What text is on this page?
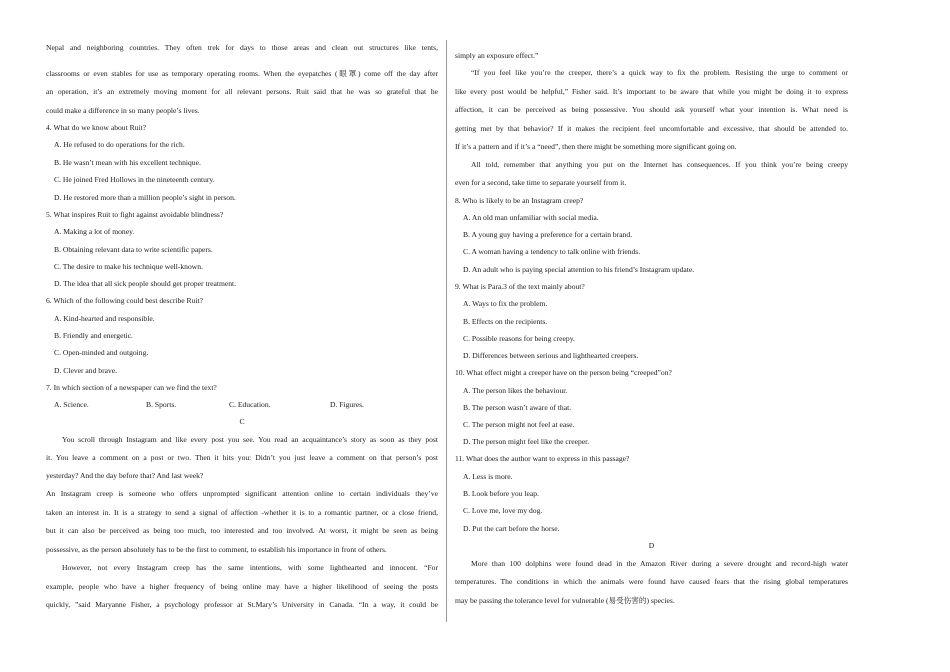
Nepal and neighboring countries. They often trek for days to those areas and clean out structures like tents,
classrooms or even stables for use as temporary operating rooms. When the eyepatches (眼罩) come off the day after
an operation, it’s an extremely moving moment for all relevant persons. Ruit said that he was so grateful that he
could make a difference in so many people’s lives.
4. What do we know about Ruit?
A. He refused to do operations for the rich.
B. He wasn’t mean with his excellent technique.
C. He joined Fred Hollows in the nineteenth century.
D. He restored more than a million people’s sight in person.
5. What inspires Ruit to fight against avoidable blindness?
A. Making a lot of money.
B. Obtaining relevant data to write scientific papers.
C. The desire to make his technique well-known.
D. The idea that all sick people should get proper treatment.
6. Which of the following could best describe Ruit?
A. Kind-hearted and responsible.
B. Friendly and energetic.
C. Open-minded and outgoing.
D. Clever and brave.
7. In which section of a newspaper can we find the text?
A. Science.	B. Sports.	C. Education.	D. Figures.
C
You scroll through Instagram and like every post you see. You read an acquaintance’s story as soon as they post
it. You leave a comment on a post or two. Then it hits you: Didn’t you just leave a comment on that person’s post
yesterday? And the day before that? And last week?
An Instagram creep is someone who offers unprompted significant attention online to certain individuals they’ve
taken an interest in. It is a strategy to send a signal of affection -whether it is to a romantic partner, or a close friend,
but it can also be perceived as being too much, too interested and too involved. At worst, it might be seen as being
possessive, as the person absolutely has to be the first to comment, to establish his importance in front of others.
However, not every Instagram creep has the same intentions, with some lighthearted and innocent. “For
example, people who have a higher frequency of being online may have a higher likelihood of seeing the posts
quickly, ”said Maryanne Fisher, a psychology professor at St.Mary’s University in Canada. “In a way, it could be
simply an exposure effect.”
“If you feel like you’re the creeper, there’s a quick way to fix the problem. Resisting the urge to comment or
like every post would be helpful,” Fisher said. It’s important to be aware that while you might be doing it to express
affection, it can be perceived as being possessive. You should ask yourself what your intention is. What need is
getting met by that behavior? If it makes the recipient feel uncomfortable and excessive, that should be attended to.
If it’s a pattern and if it’s a “need”, then there might be something more significant going on.
All told, remember that anything you put on the Internet has consequences. If you think you’re being creepy
even for a second, take time to separate yourself from it.
8. Who is likely to be an Instagram creep?
A. An old man unfamiliar with social media.
B. A young guy having a preference for a certain brand.
C. A woman having a tendency to talk online with friends.
D. An adult who is paying special attention to his friend’s Instagram update.
9. What is Para.3 of the text mainly about?
A. Ways to fix the problem.
B. Effects on the recipients.
C. Possible reasons for being creepy.
D. Differences between serious and lighthearted creepers.
10. What effect might a creeper have on the person being “creeped”on?
A. The person likes the behaviour.
B. The person wasn’t aware of that.
C. The person might not feel at ease.
D. The person might feel like the creeper.
11. What does the author want to express in this passage?
A. Less is more.
B. Look before you leap.
C. Love me, love my dog.
D. Put the cart before the horse.
D
More than 100 dolphins were found dead in the Amazon River during a severe drought and record-high water
temperatures. The conditions in which the animals were found have caused fears that the rising global temperatures
may be passing the tolerance level for vulnerable (易受伤害的) species.
